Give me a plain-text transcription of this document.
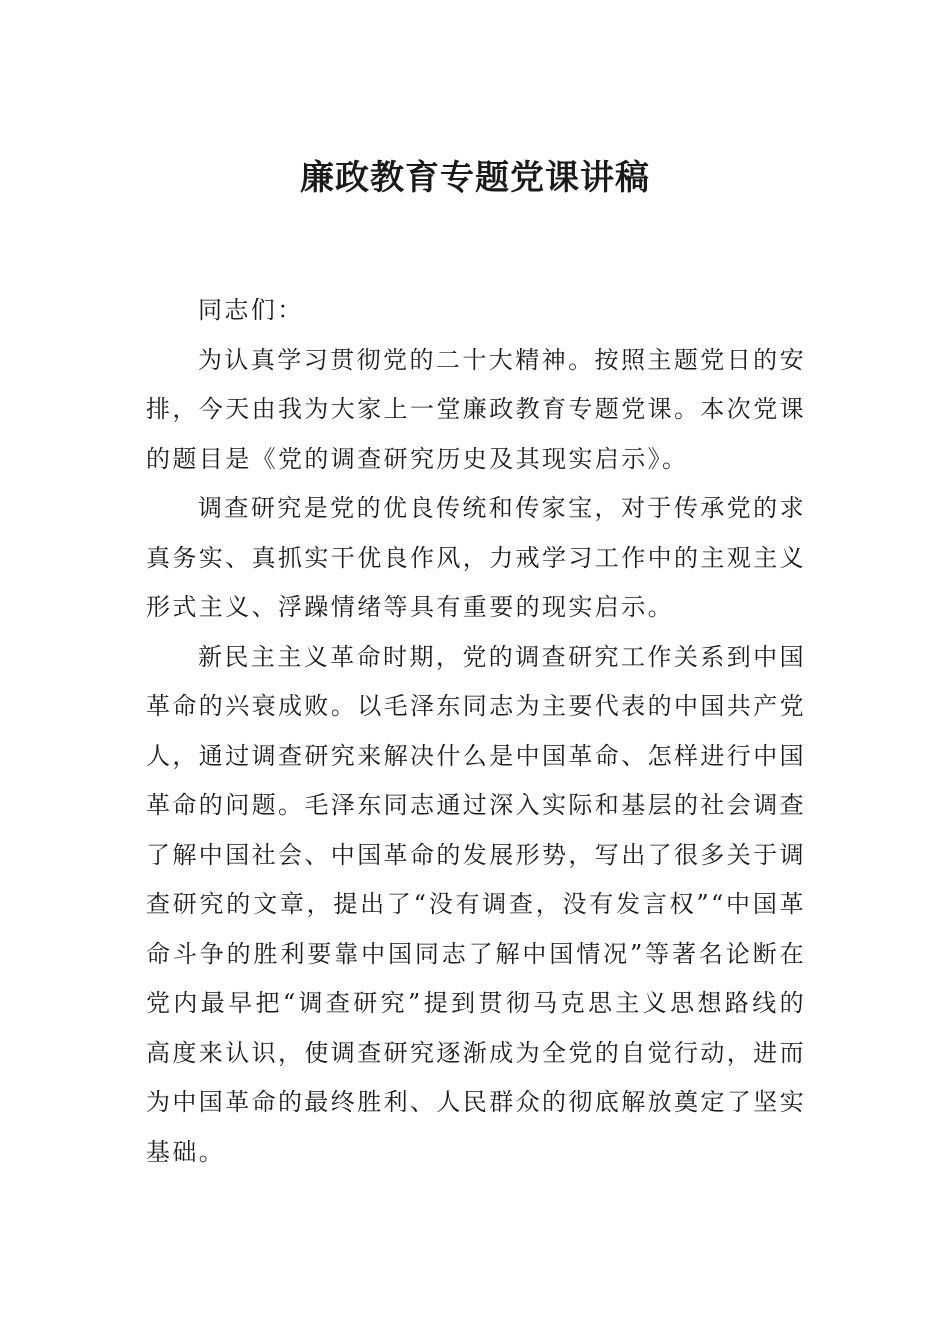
廉政教育专题党课讲稿

同志们：

为认真学习贯彻党的二十大精神。按照主题党日的安排，今天由我为大家上一堂廉政教育专题党课。本次党课的题目是《党的调查研究历史及其现实启示》。

调查研究是党的优良传统和传家宝，对于传承党的求真务实、真抓实干优良作风，力戒学习工作中的主观主义形式主义、浮躁情绪等具有重要的现实启示。

新民主主义革命时期，党的调查研究工作关系到中国革命的兴衰成败。以毛泽东同志为主要代表的中国共产党人，通过调查研究来解决什么是中国革命、怎样进行中国革命的问题。毛泽东同志通过深入实际和基层的社会调查了解中国社会、中国革命的发展形势，写出了很多关于调查研究的文章，提出了“没有调查，没有发言权”“中国革命斗争的胜利要靠中国同志了解中国情况”等著名论断在党内最早把“调查研究”提到贯彻马克思主义思想路线的高度来认识，使调查研究逐渐成为全党的自觉行动，进而为中国革命的最终胜利、人民群众的彻底解放奠定了坚实基础。
